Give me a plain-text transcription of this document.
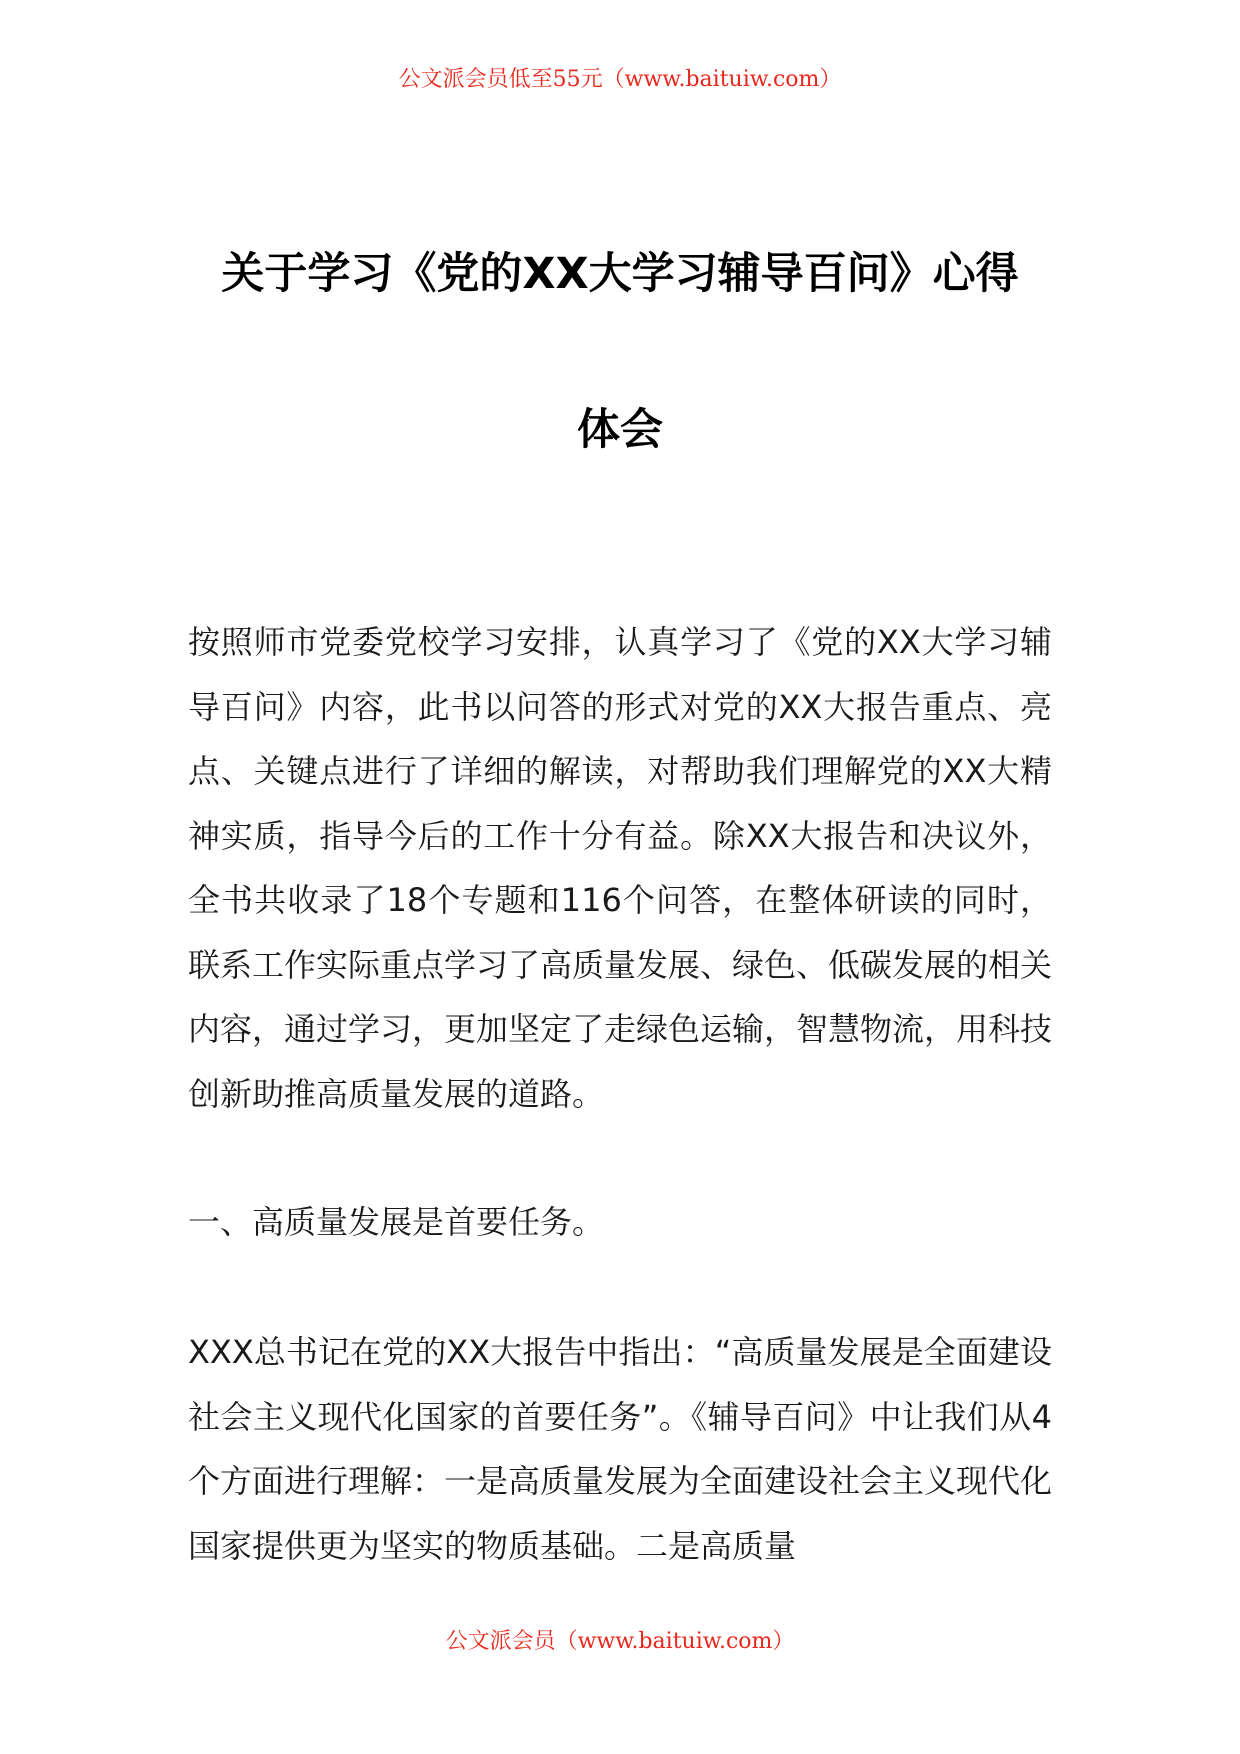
公文派会员低至55元（www.baituiw.com）
关于学习《党的XX大学习辅导百问》心得
体会

按照师市党委党校学习安排，认真学习了《党的XX大学习辅导百问》内容，此书以问答的形式对党的XX大报告重点、亮点、关键点进行了详细的解读，对帮助我们理解党的XX大精神实质，指导今后的工作十分有益。除XX大报告和决议外，全书共收录了18个专题和116个问答，在整体研读的同时，联系工作实际重点学习了高质量发展、绿色、低碳发展的相关内容，通过学习，更加坚定了走绿色运输，智慧物流，用科技创新助推高质量发展的道路。

一、高质量发展是首要任务。

XXX总书记在党的XX大报告中指出：“高质量发展是全面建设社会主义现代化国家的首要任务”。《辅导百问》中让我们从4个方面进行理解：一是高质量发展为全面建设社会主义现代化国家提供更为坚实的物质基础。二是高质量

公文派会员（www.baituiw.com）
